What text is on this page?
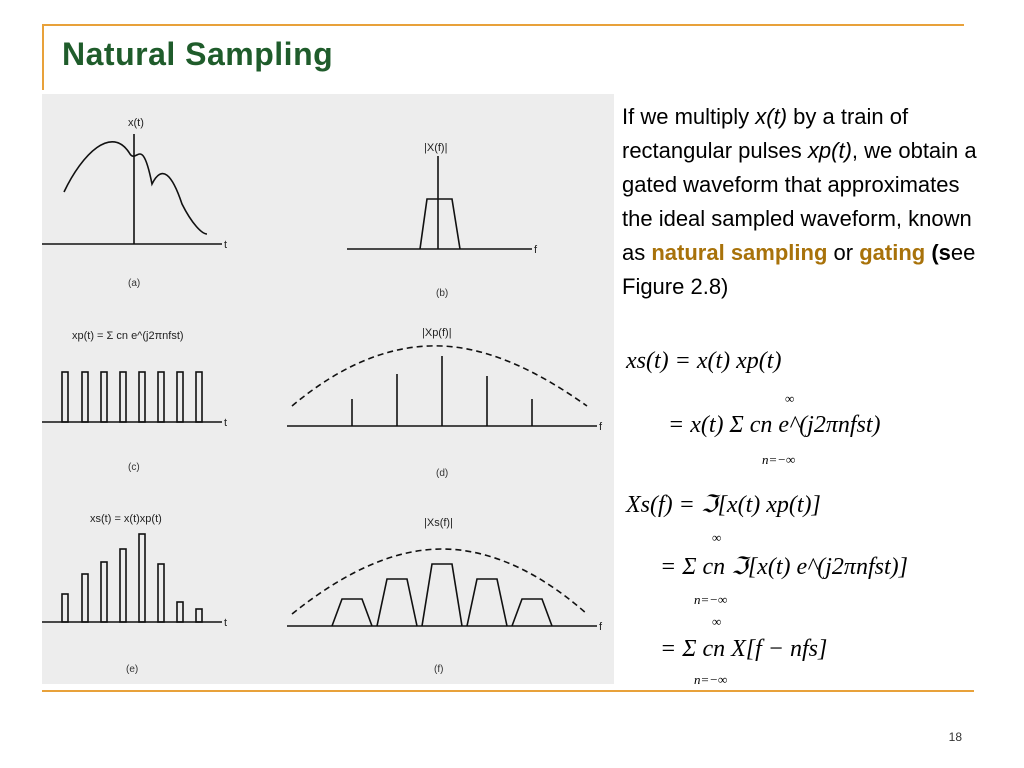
Natural Sampling
x(t)
t
(a)
|X(f)|
f
(b)
xp(t) = Σ cn e^(j2πnfst)
t
(c)
|Xp(f)|
f
(d)
xs(t) = x(t)xp(t)
t
(e)
|Xs(f)|
f
(f)
If we multiply x(t) by a train of rectangular pulses xp(t), we obtain a gated waveform that approximates the ideal sampled waveform, known as natural sampling or gating (see Figure 2.8)
xs(t) = x(t) xp(t)
= x(t) Σ cn e^(j2πnfst)
∞
n=−∞
Xs(f) = ℑ[x(t) xp(t)]
= Σ cn ℑ[x(t) e^(j2πnfst)]
∞
n=−∞
= Σ cn X[f − nfs]
∞
n=−∞
18
